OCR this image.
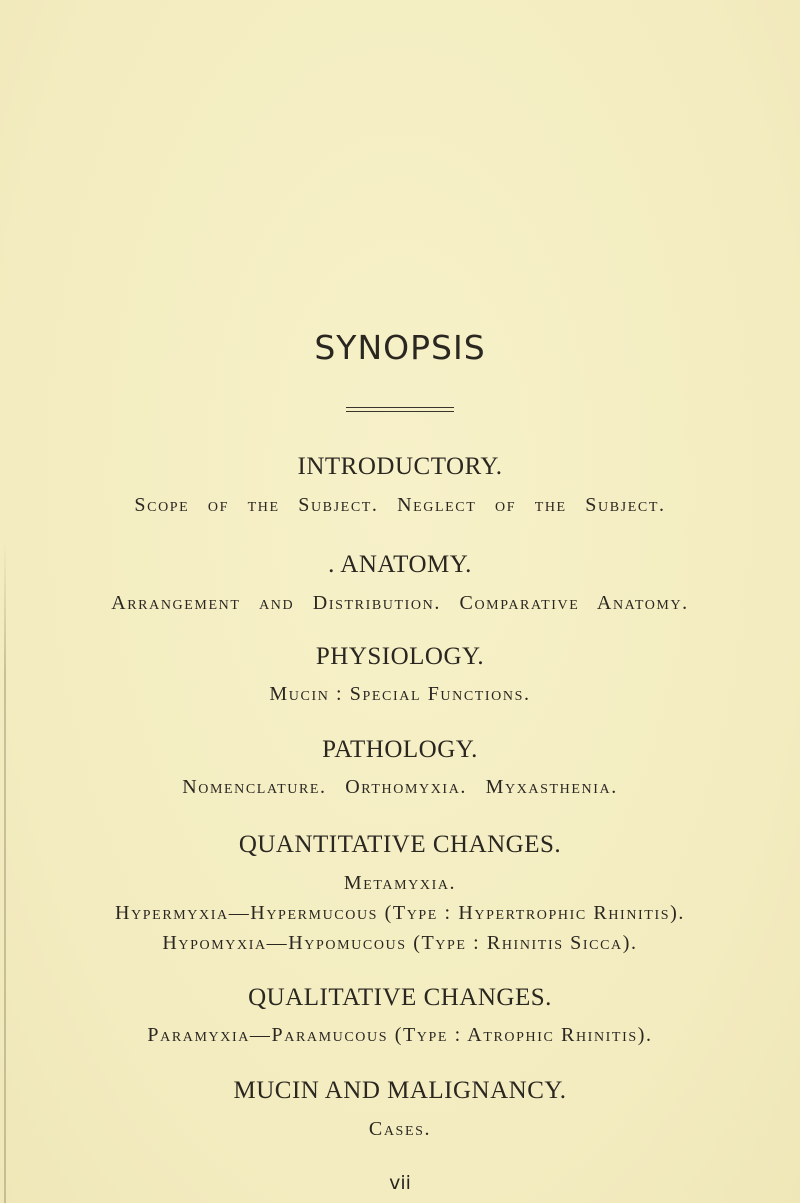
SYNOPSIS
INTRODUCTORY.
Scope of the Subject. Neglect of the Subject.
. ANATOMY.
Arrangement and Distribution. Comparative Anatomy.
PHYSIOLOGY.
Mucin : Special Functions.
PATHOLOGY.
Nomenclature. Orthomyxia. Myxasthenia.
QUANTITATIVE CHANGES.
Metamyxia.
Hypermyxia—Hypermucous (Type : Hypertrophic Rhinitis).
Hypomyxia—Hypomucous (Type : Rhinitis Sicca).
QUALITATIVE CHANGES.
Paramyxia—Paramucous (Type : Atrophic Rhinitis).
MUCIN AND MALIGNANCY.
Cases.
vii
